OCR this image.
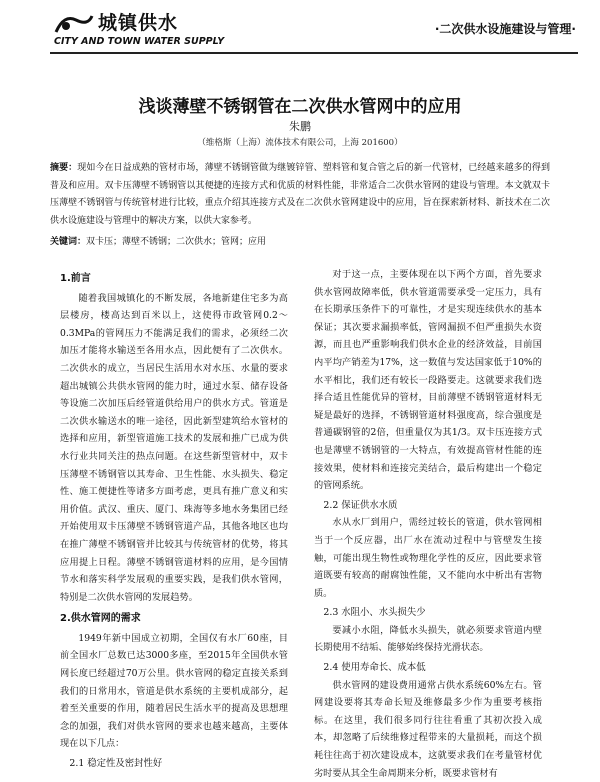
城镇供水
CITY AND TOWN WATER SUPPLY
·二次供水设施建设与管理·
浅谈薄壁不锈钢管在二次供水管网中的应用
朱鹏
（维格斯（上海）流体技术有限公司，上海 201600）
摘要：现如今在日益成熟的管材市场，薄壁不锈钢管做为继镀锌管、塑料管和复合管之后的新一代管材，已经越来越多的得到普及和应用。双卡压薄壁不锈钢管以其便捷的连接方式和优质的材料性能，非常适合二次供水管网的建设与管理。本文就双卡压薄壁不锈钢管与传统管材进行比较，重点介绍其连接方式及在二次供水管网建设中的应用，旨在探索新材料、新技术在二次供水设施建设与管理中的解决方案，以供大家参考。
关键词：双卡压；薄壁不锈钢；二次供水；管网；应用
1.前言

随着我国城镇化的不断发展，各地新建住宅多为高层楼房，楼高达到百米以上，这使得市政管网0.2～0.3MPa的管网压力不能满足我们的需求，必须经二次加压才能将水输送至各用水点，因此便有了二次供水。二次供水的成立，当居民生活用水对水压、水量的要求超出城镇公共供水管网的能力时，通过水泵、储存设备等设施二次加压后经管道供给用户的供水方式。管道是二次供水输送水的唯一途径，因此新型建筑给水管材的选择和应用，新型管道施工技术的发展和推广已成为供水行业共同关注的热点问题。在这些新型管材中，双卡压薄壁不锈钢管以其寿命、卫生性能、水头损失、稳定性、施工便捷性等诸多方面考虑，更具有推广意义和实用价值。武汉、重庆、厦门、珠海等多地水务集团已经开始使用双卡压薄壁不锈钢管道产品，其他各地区也均在推广薄壁不锈钢管并比较其与传统管材的优势，将其应用提上日程。薄壁不锈钢管道材料的应用，是今国情节水和落实科学发展观的重要实践，是我们供水管网，特别是二次供水管网的发展趋势。

2.供水管网的需求

1949年新中国成立初期，全国仅有水厂60座，目前全国水厂总数已达3000多座，至2015年全国供水管网长度已经超过70万公里。供水管网的稳定直接关系到我们的日常用水，管道是供水系统的主要机成部分，起着至关重要的作用，随着居民生活水平的提高及思想理念的加强，我们对供水管网的要求也越来越高，主要体现在以下几点：

2.1 稳定性及密封性好

对于这一点，主要体现在以下两个方面，首先要求供水管网故障率低，供水管道需要承受一定压力，具有在长期承压条件下的可靠性，才是实现连续供水的基本保证；其次要求漏损率低，管网漏损不但严重损失水资源，而且也严重影响我们供水企业的经济效益，目前国内平均产销差为17%，这一数值与发达国家低于10%的水平相比，我们还有较长一段路要走。这就要求我们选择合适且性能优异的管材，目前薄壁不锈钢管道材料无疑是最好的选择，不锈钢管道材料强度高，综合强度是普通碳钢管的2倍，但重量仅为其1/3。双卡压连接方式也是薄壁不锈钢管的一大特点，有效提高管材性能的连接效果，使材料和连接完美结合，最后构建出一个稳定的管网系统。

2.2 保证供水水质

水从水厂到用户，需经过较长的管道，供水管网相当于一个反应器，出厂水在流动过程中与管壁发生接触，可能出现生物性或物理化学性的反应，因此要求管道既要有较高的耐腐蚀性能，又不能向水中析出有害物质。

2.3 水阻小、水头损失少

要减小水阻，降低水头损失，就必须要求管道内壁长期使用不结垢、能够始终保持光滑状态。

2.4 使用寿命长、成本低

供水管网的建设费用通常占供水系统60%左右。管网建设要将其寿命长短及维修最多少作为重要考核指标。在这里，我们很多同行往往看重了其初次投入成本，却忽略了后续维修过程带来的大量损耗，而这个损耗往往高于初次建设成本，这就要求我们在考量管材优劣时要从其全生命周期来分析，既要求管材有
